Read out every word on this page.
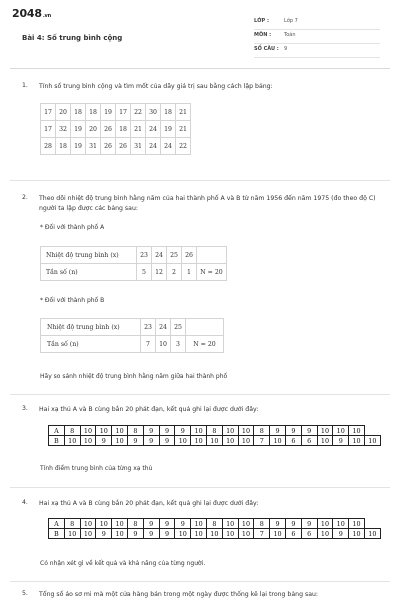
2048.vn
Bài 4: Số trung bình cộng
LỚP :	Lớp 7
MÔN :	Toán
SỐ CÂU : 9
1.	Tính số trung bình cộng và tìm mốt của dãy giá trị sau bằng cách lập bảng:
17	20	18	18	19	17	22	30	18	21
17	32	19	20	26	18	21	24	19	21
28	18	19	31	26	26	31	24	24	22
2.	Theo dõi nhiệt độ trung bình hằng năm của hai thành phố A và B từ năm 1956 đến năm 1975 (đo theo độ C) người ta lập được các bảng sau:
* Đối với thành phố A
Nhiệt độ trung bình (x)	23	24	25	26	
Tần số (n)	5	12	2	1	N = 20
* Đối với thành phố B
Nhiệt độ trung bình (x)	23	24	25	
Tần số (n)	7	10	3	N = 20
Hãy so sánh nhiệt độ trung bình hằng năm giữa hai thành phố
3.	Hai xạ thủ A và B cùng bắn 20 phát đạn, kết quả ghi lại được dưới đây:
A	8	10	10	10	8	9	9	9	10	8	10	10	8	9	9	9	10	10	10	
B	10	10	9	10	9	9	9	10	10	10	10	10	7	10	6	6	10	9	10	10
Tính điểm trung bình của từng xạ thủ
4.	Hai xạ thủ A và B cùng bắn 20 phát đạn, kết quả ghi lại được dưới đây:
A	8	10	10	10	8	9	9	9	10	8	10	10	8	9	9	9	10	10	10	
B	10	10	9	10	9	9	9	10	10	10	10	10	7	10	6	6	10	9	10	10
Có nhận xét gì về kết quả và khả năng của từng người.
5.	Tổng số áo sơ mi mà một cửa hàng bán trong một ngày được thống kê lại trong bảng sau:
